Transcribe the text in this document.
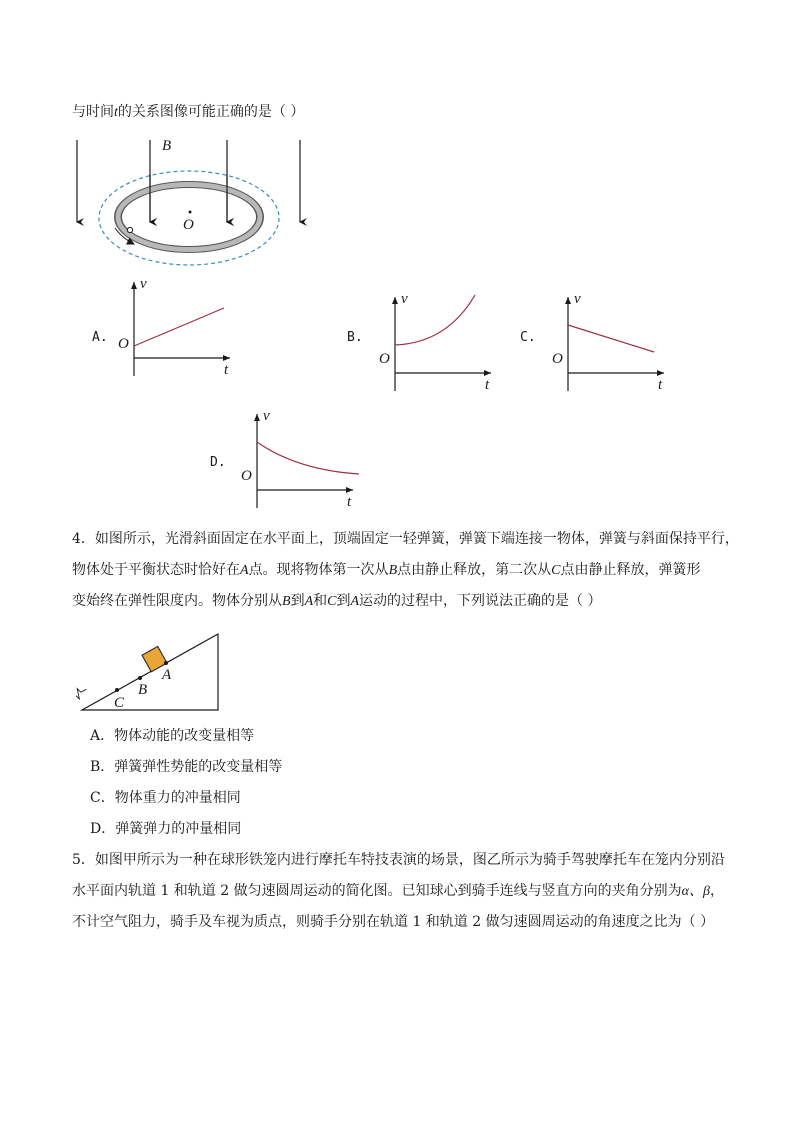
与时间t的关系图像可能正确的是（ ）
B
O
A. O
v
t
B.
O
v
t
C.
O
v
t
D.
O
v
t
4．如图所示，光滑斜面固定在水平面上，顶端固定一轻弹簧，弹簧下端连接一物体，弹簧与斜面保持平行，
物体处于平衡状态时恰好在A点。现将物体第一次从B点由静止释放，第二次从C点由静止释放，弹簧形
变始终在弹性限度内。物体分别从B到A和C到A运动的过程中，下列说法正确的是（ ）
A
B
C
A．物体动能的改变量相等
B．弹簧弹性势能的改变量相等
C．物体重力的冲量相同
D．弹簧弹力的冲量相同
5．如图甲所示为一种在球形铁笼内进行摩托车特技表演的场景，图乙所示为骑手驾驶摩托车在笼内分别沿
水平面内轨道 1 和轨道 2 做匀速圆周运动的简化图。已知球心到骑手连线与竖直方向的夹角分别为α、β，
不计空气阻力，骑手及车视为质点，则骑手分别在轨道 1 和轨道 2 做匀速圆周运动的角速度之比为（ ）
